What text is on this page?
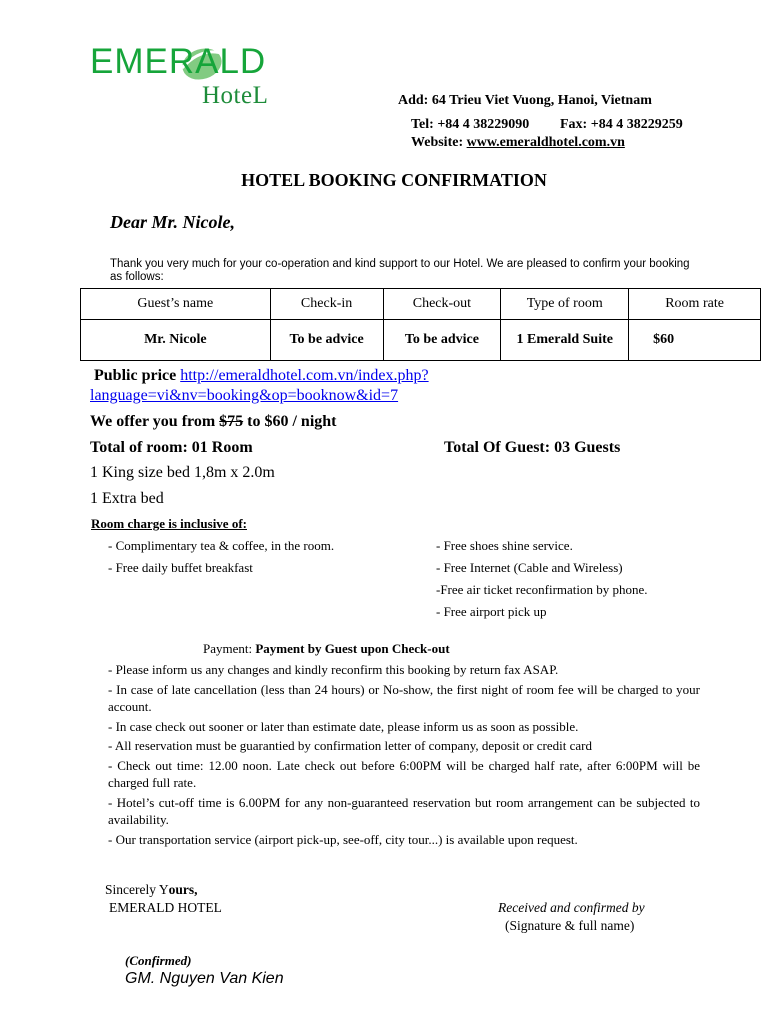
EMERALD
HoteL	Add: 64 Trieu Viet Vuong, Hanoi, Vietnam
Tel: +84 4 38229090 Fax: +84 4 38229259
Website: www.emeraldhotel.com.vn
HOTEL BOOKING CONFIRMATION
Dear Mr. Nicole,
Thank you very much for your co-operation and kind support to our Hotel. We are pleased to confirm your booking as follows:
Guest’s name	Check-in	Check-out	Type of room	Room rate
Mr. Nicole	To be advice	To be advice	1 Emerald Suite	$60
Public price http://emeraldhotel.com.vn/index.php?
language=vi&nv=booking&op=booknow&id=7
We offer you from $75 to $60 / night
Total of room: 01 Room	Total Of Guest: 03 Guests
1 King size bed 1,8m x 2.0m
1 Extra bed
Room charge is inclusive of:
- Complimentary tea & coffee, in the room.
- Free daily buffet breakfast
- Free shoes shine service.
- Free Internet (Cable and Wireless)
-Free air ticket reconfirmation by phone.
- Free airport pick up
Payment: Payment by Guest upon Check-out
- Please inform us any changes and kindly reconfirm this booking by return fax ASAP.
- In case of late cancellation (less than 24 hours) or No-show, the first night of room fee will be charged to your account.
- In case check out sooner or later than estimate date, please inform us as soon as possible.
- All reservation must be guarantied by confirmation letter of company, deposit or credit card
- Check out time: 12.00 noon. Late check out before 6:00PM will be charged half rate, after 6:00PM will be charged full rate.
- Hotel’s cut-off time is 6.00PM for any non-guaranteed reservation but room arrangement can be subjected to availability.
- Our transportation service (airport pick-up, see-off, city tour...) is available upon request.
Sincerely Yours,
EMERALD HOTEL	Received and confirmed by
(Signature & full name)
(Confirmed)
GM. Nguyen Van Kien
